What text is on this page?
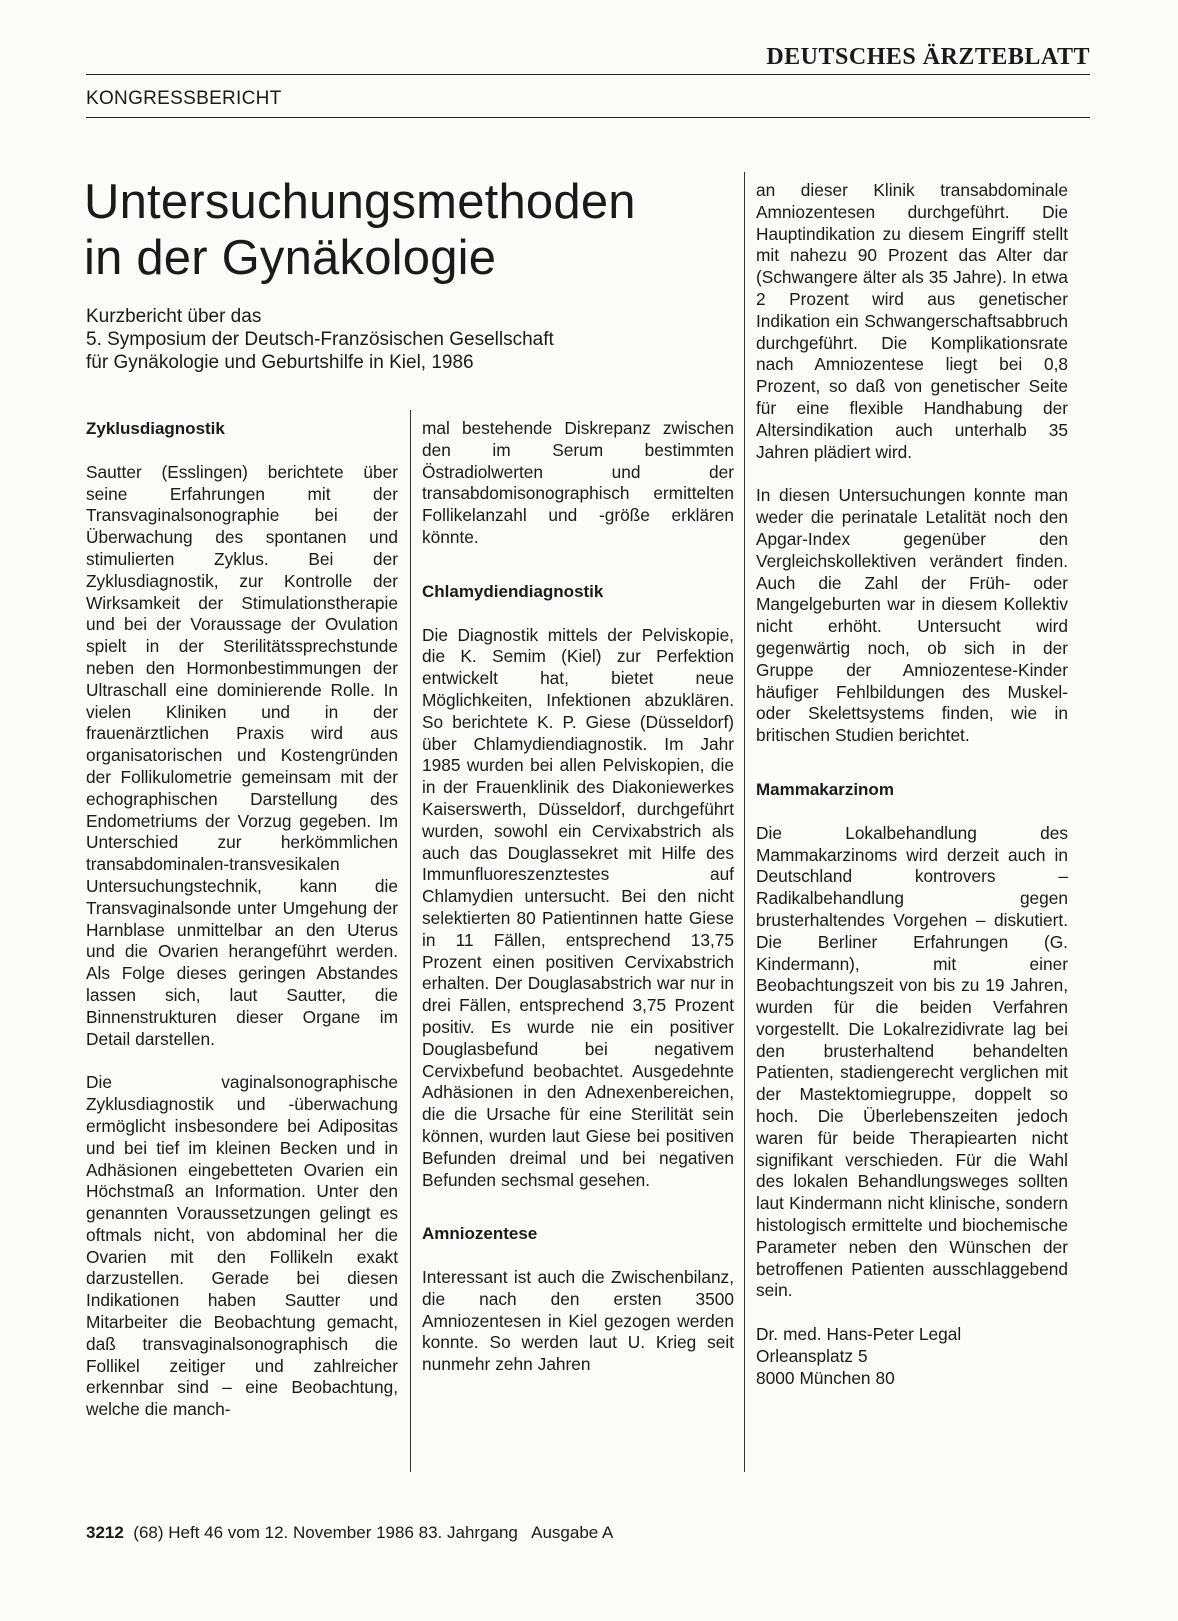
DEUTSCHES ÄRZTEBLATT
KONGRESSBERICHT
Untersuchungsmethoden
in der Gynäkologie
Kurzbericht über das
5. Symposium der Deutsch-Französischen Gesellschaft
für Gynäkologie und Geburtshilfe in Kiel, 1986
Zyklusdiagnostik

Sautter (Esslingen) berichtete über seine Erfahrungen mit der Transvaginalsonographie bei der Überwachung des spontanen und stimulierten Zyklus. Bei der Zyklusdiagnostik, zur Kontrolle der Wirksamkeit der Stimulationstherapie und bei der Voraussage der Ovulation spielt in der Sterilitätssprechstunde neben den Hormonbestimmungen der Ultraschall eine dominierende Rolle. In vielen Kliniken und in der frauenärztlichen Praxis wird aus organisatorischen und Kostengründen der Follikulometrie gemeinsam mit der echographischen Darstellung des Endometriums der Vorzug gegeben. Im Unterschied zur herkömmlichen transabdominalen-transvesikalen Untersuchungstechnik, kann die Transvaginalsonde unter Umgehung der Harnblase unmittelbar an den Uterus und die Ovarien herangeführt werden. Als Folge dieses geringen Abstandes lassen sich, laut Sautter, die Binnenstrukturen dieser Organe im Detail darstellen.

Die vaginalsonographische Zyklusdiagnostik und -überwachung ermöglicht insbesondere bei Adipositas und bei tief im kleinen Becken und in Adhäsionen eingebetteten Ovarien ein Höchstmaß an Information. Unter den genannten Voraussetzungen gelingt es oftmals nicht, von abdominal her die Ovarien mit den Follikeln exakt darzustellen. Gerade bei diesen Indikationen haben Sautter und Mitarbeiter die Beobachtung gemacht, daß transvaginalsonographisch die Follikel zeitiger und zahlreicher erkennbar sind – eine Beobachtung, welche die manch-

mal bestehende Diskrepanz zwischen den im Serum bestimmten Östradiolwerten und der transabdomisonographisch ermittelten Follikelanzahl und -größe erklären könnte.

Chlamydiendiagnostik

Die Diagnostik mittels der Pelviskopie, die K. Semim (Kiel) zur Perfektion entwickelt hat, bietet neue Möglichkeiten, Infektionen abzuklären. So berichtete K. P. Giese (Düsseldorf) über Chlamydiendiagnostik. Im Jahr 1985 wurden bei allen Pelviskopien, die in der Frauenklinik des Diakoniewerkes Kaiserswerth, Düsseldorf, durchgeführt wurden, sowohl ein Cervixabstrich als auch das Douglassekret mit Hilfe des Immunfluoreszenztestes auf Chlamydien untersucht. Bei den nicht selektierten 80 Patientinnen hatte Giese in 11 Fällen, entsprechend 13,75 Prozent einen positiven Cervixabstrich erhalten. Der Douglasabstrich war nur in drei Fällen, entsprechend 3,75 Prozent positiv. Es wurde nie ein positiver Douglasbefund bei negativem Cervixbefund beobachtet. Ausgedehnte Adhäsionen in den Adnexenbereichen, die die Ursache für eine Sterilität sein können, wurden laut Giese bei positiven Befunden dreimal und bei negativen Befunden sechsmal gesehen.

Amniozentese

Interessant ist auch die Zwischenbilanz, die nach den ersten 3500 Amniozentesen in Kiel gezogen werden konnte. So werden laut U. Krieg seit nunmehr zehn Jahren

an dieser Klinik transabdominale Amniozentesen durchgeführt. Die Hauptindikation zu diesem Eingriff stellt mit nahezu 90 Prozent das Alter dar (Schwangere älter als 35 Jahre). In etwa 2 Prozent wird aus genetischer Indikation ein Schwangerschaftsabbruch durchgeführt. Die Komplikationsrate nach Amniozentese liegt bei 0,8 Prozent, so daß von genetischer Seite für eine flexible Handhabung der Altersindikation auch unterhalb 35 Jahren plädiert wird.

In diesen Untersuchungen konnte man weder die perinatale Letalität noch den Apgar-Index gegenüber den Vergleichskollektiven verändert finden. Auch die Zahl der Früh- oder Mangelgeburten war in diesem Kollektiv nicht erhöht. Untersucht wird gegenwärtig noch, ob sich in der Gruppe der Amniozentese-Kinder häufiger Fehlbildungen des Muskel- oder Skelettsystems finden, wie in britischen Studien berichtet.

Mammakarzinom

Die Lokalbehandlung des Mammakarzinoms wird derzeit auch in Deutschland kontrovers – Radikalbehandlung gegen brusterhaltendes Vorgehen – diskutiert. Die Berliner Erfahrungen (G. Kindermann), mit einer Beobachtungszeit von bis zu 19 Jahren, wurden für die beiden Verfahren vorgestellt. Die Lokalrezidivrate lag bei den brusterhaltend behandelten Patienten, stadiengerecht verglichen mit der Mastektomiegruppe, doppelt so hoch. Die Überlebenszeiten jedoch waren für beide Therapiearten nicht signifikant verschieden. Für die Wahl des lokalen Behandlungsweges sollten laut Kindermann nicht klinische, sondern histologisch ermittelte und biochemische Parameter neben den Wünschen der betroffenen Patienten ausschlaggebend sein.

Dr. med. Hans-Peter Legal
Orleansplatz 5
8000 München 80
3212 (68) Heft 46 vom 12. November 1986 83. Jahrgang Ausgabe A
